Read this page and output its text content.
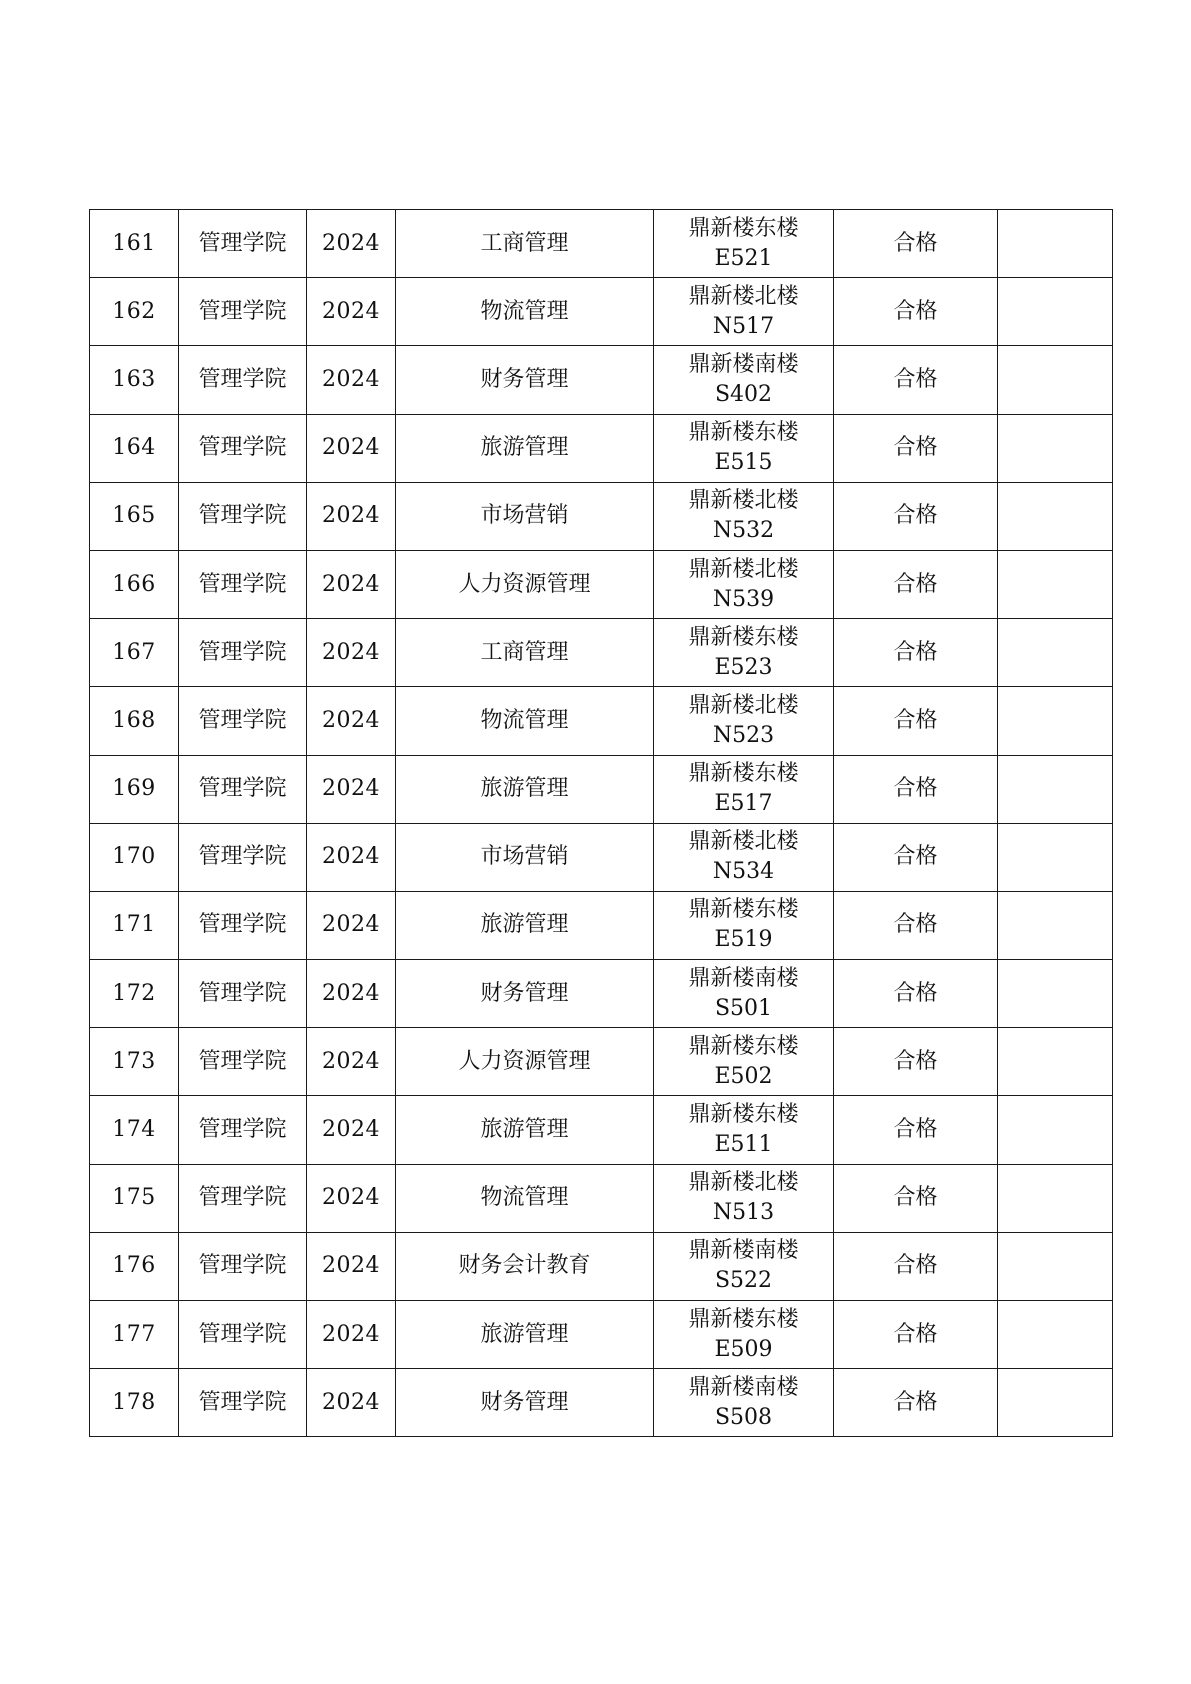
161	管理学院	2024	工商管理	鼎新楼东楼
E521	合格	
162	管理学院	2024	物流管理	鼎新楼北楼
N517	合格	
163	管理学院	2024	财务管理	鼎新楼南楼
S402	合格	
164	管理学院	2024	旅游管理	鼎新楼东楼
E515	合格	
165	管理学院	2024	市场营销	鼎新楼北楼
N532	合格	
166	管理学院	2024	人力资源管理	鼎新楼北楼
N539	合格	
167	管理学院	2024	工商管理	鼎新楼东楼
E523	合格	
168	管理学院	2024	物流管理	鼎新楼北楼
N523	合格	
169	管理学院	2024	旅游管理	鼎新楼东楼
E517	合格	
170	管理学院	2024	市场营销	鼎新楼北楼
N534	合格	
171	管理学院	2024	旅游管理	鼎新楼东楼
E519	合格	
172	管理学院	2024	财务管理	鼎新楼南楼
S501	合格	
173	管理学院	2024	人力资源管理	鼎新楼东楼
E502	合格	
174	管理学院	2024	旅游管理	鼎新楼东楼
E511	合格	
175	管理学院	2024	物流管理	鼎新楼北楼
N513	合格	
176	管理学院	2024	财务会计教育	鼎新楼南楼
S522	合格	
177	管理学院	2024	旅游管理	鼎新楼东楼
E509	合格	
178	管理学院	2024	财务管理	鼎新楼南楼
S508	合格	
